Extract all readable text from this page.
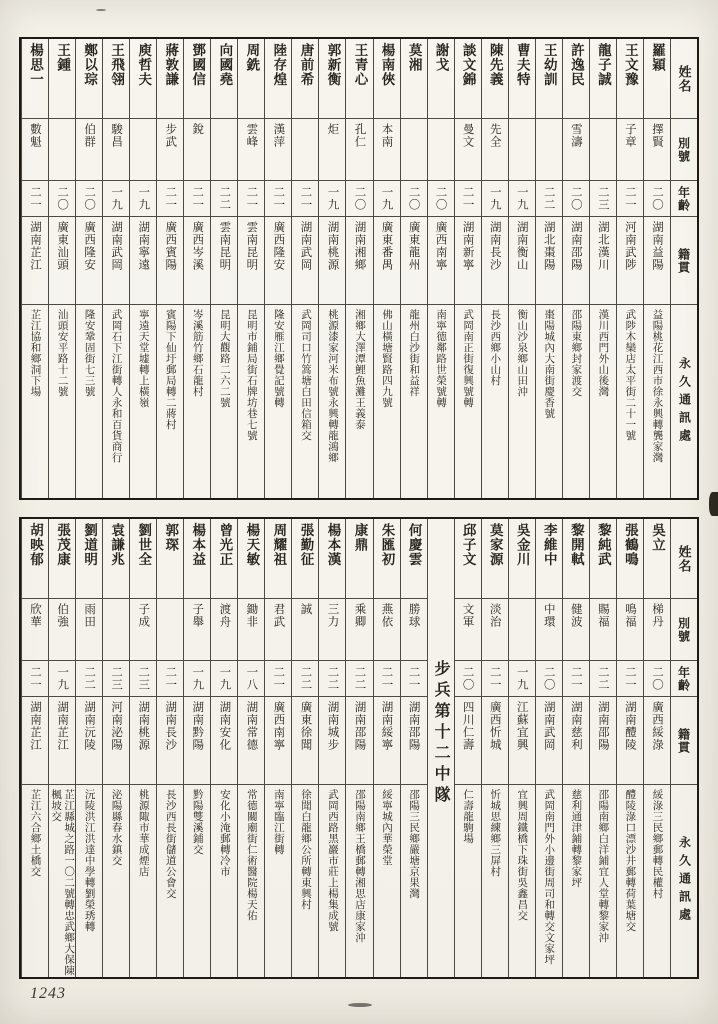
姓名
別號
年齡
籍貫
永久通訊處
羅穎
擇賢
二〇
湖南益陽
益陽桃花江西市徐永興轉龔家灣
王文豫
子章
二一
河南武陟
武陟木欒店太平街二十一號
龍子誠
二三
湖北漢川
漢川西門外山後灣
許逸民
雪濤
二〇
湖南邵陽
邵陽東鄉封家渡交
王幼訓
二二
湖北棗陽
棗陽城內大南街慶香號
曹夫特
一九
湖南衡山
衡山沙泉鄉山田沖
陳先義
先全
一九
湖南長沙
長沙西鄉小山村
談文錦
曼文
二一
湖南新寧
武岡南正街復興號轉
謝戈
二〇
廣西南寧
南寧德鄰路世榮號轉
莫湘
二〇
廣東龍州
龍州白沙街和益祥
楊南俠
本南
一九
廣東番禺
佛山橫塘賢路四九號
王青心
孔仁
二〇
湖南湘鄉
湘鄉大澤潭鯉魚灘王義泰
郭新衡
炬
一九
湖南桃源
桃源漆家河米布號永興轉龍鴻鄉
唐前希
二一
湖南武岡
武岡司口竹篙塘白田信箱交
陸存煌
漢萍
二一
廣西隆安
隆安雁江鄉覺記號轉
周銑
雲峰
二一
雲南昆明
昆明市鋪局街石牌坊巷七號
向國堯
二二
雲南昆明
昆明大觀路二六二號
鄧國信
銳
二一
廣西岑溪
岑溪筋竹鄉石龍村
蔣敦謙
步武
二一
廣西賓陽
賓陽下仙圩郵局轉二蔣村
庾哲夫
一九
湖南寧遠
寧遠天堂墟轉上橫嶺
王飛翎
駿昌
一九
湖南武岡
武岡石下江街轉人永和百貨商行
鄭以琮
伯群
二〇
廣西隆安
隆安鞏固街七三號
王鍾
二〇
廣東汕頭
汕頭安平路十二號
楊思一
數魁
二一
湖南芷江
芷江協和鄉洞下場
姓名
別號
年齡
籍貫
永久通訊處
吳立
梯丹
二〇
廣西綏淥
綏淥三民鄉郵轉民權村
張鶴鳴
鳴福
二一
湖南醴陵
醴陵淥口漂沙井郵轉荷葉塘交
黎純武
賜福
二二
湖南邵陽
邵陽南鄉白洋鋪宜人堂轉黎家沖
黎開軾
健波
二一
湖南慈利
慈利通津鋪轉黎家坪
李維中
中環
二〇
湖南武岡
武岡南門外小邊街周司和轉交文家坪
吳金川
一九
江蘇宜興
宜興周鐵橋下珠街吳鑫昌交
莫家源
淡治
二一
廣西忻城
忻城思練鄉三屏村
邱子文
文軍
二〇
四川仁壽
仁壽龍駒場
步兵第十二中隊
何慶雲
勝球
二一
湖南邵陽
邵陽三民鄉嚴塘京果灣
朱匯初
燕依
二一
湖南綏寧
綏寧城內華榮堂
康鼎
乘卿
二二
湖南邵陽
邵陽南鄉王橋郵轉湘思店康家沖
楊本漢
三力
二二
湖南城步
武岡西路黑巖市莊上楊集成號
張勤征
誠
二二
廣東徐聞
徐聞白龍鄉公所轉東興村
周耀祖
君武
二一
廣西南寧
南寧臨江街轉
楊天敏
鋤非
一八
湖南常德
常德關廟街仁術醫院楊天佑
曾光正
渡舟
一九
湖南安化
安化小淹郵轉冷市
楊本益
子舉
一九
湖南黔陽
黔陽雙溪鋪交
郭琛
二一
湖南長沙
長沙西長街儲道公會交
劉世全
子成
二三
湖南桃源
桃源陬市華成煙店
袁謙兆
二三
河南泌陽
泌陽縣春水鎮交
劉道明
雨田
二二
湖南沅陵
沅陵洪江洪達中學轉劉榮琇轉
張茂康
伯強
一九
湖南芷江
芷江縣城之路一〇二號轉忠武鄉大保陳楓坡交
胡映郁
欣華
二一
湖南芷江
芷江六合鄉土橋交
1243
